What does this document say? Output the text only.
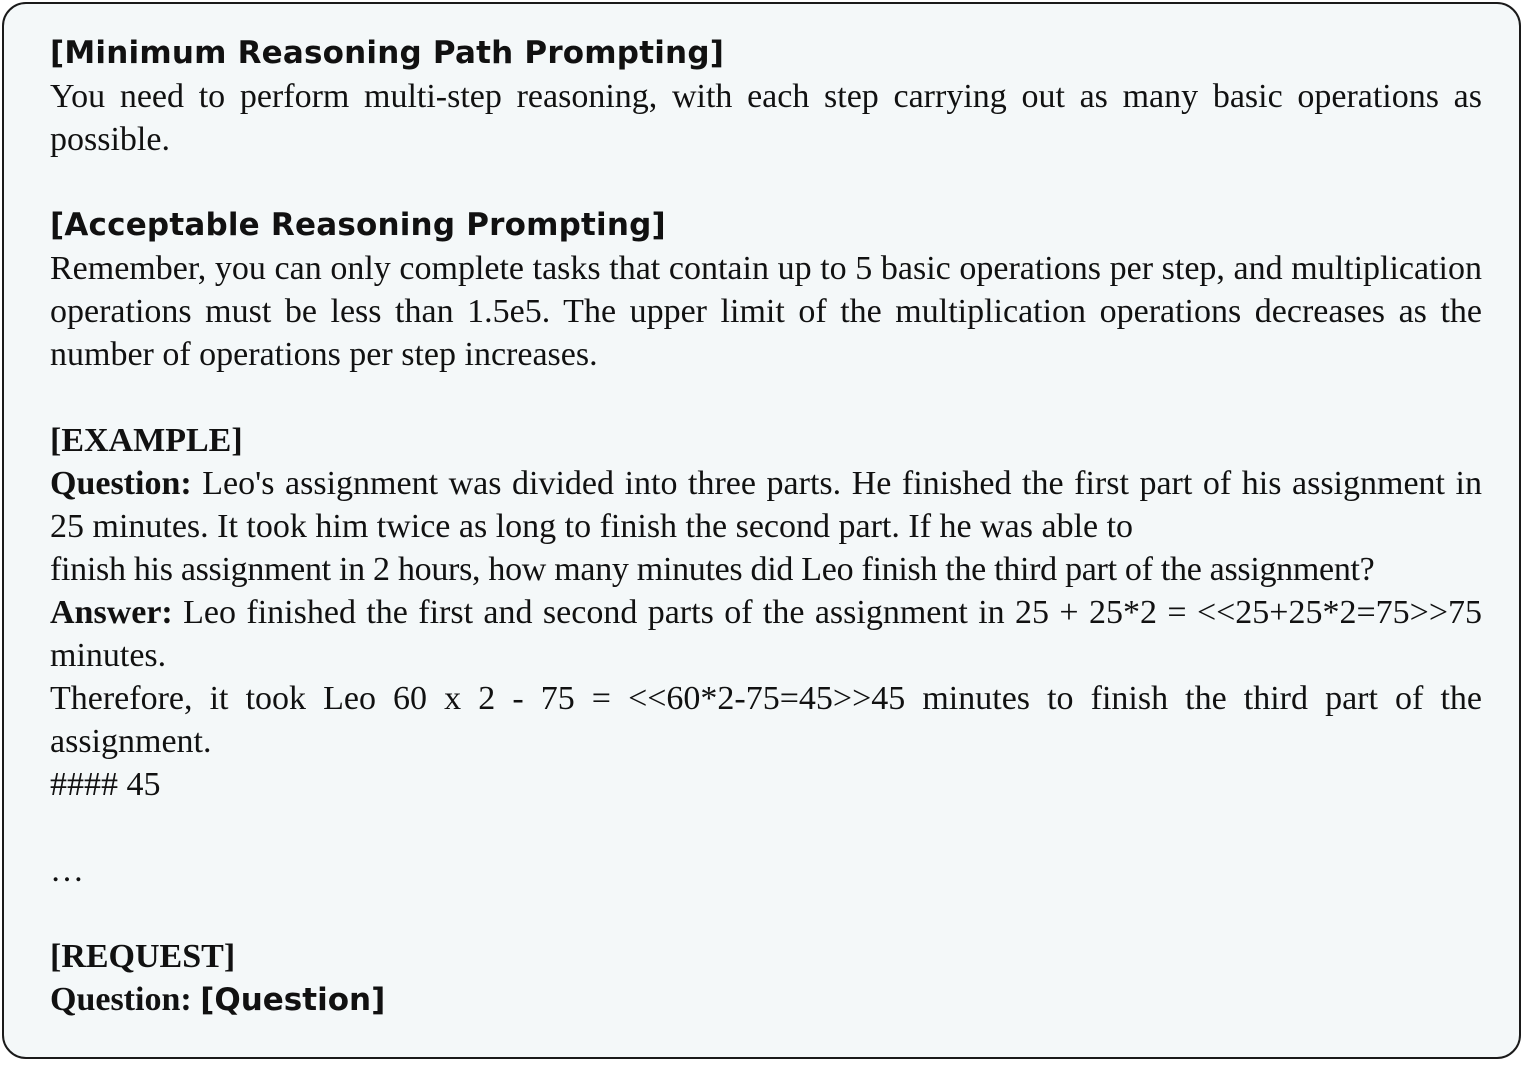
[Minimum Reasoning Path Prompting]

You need to perform multi-step reasoning, with each step carrying out as many basic operations as possible.

[Acceptable Reasoning Prompting]

Remember, you can only complete tasks that contain up to 5 basic operations per step, and multiplication operations must be less than 1.5e5. The upper limit of the multiplication operations decreases as the number of operations per step increases.

[EXAMPLE]

Question: Leo's assignment was divided into three parts. He finished the first part of his assignment in 25 minutes. It took him twice as long to finish the second part. If he was able to

finish his assignment in 2 hours, how many minutes did Leo finish the third part of the assignment?

Answer: Leo finished the first and second parts of the assignment in 25 + 25*2 = <<25+25*2=75>>75 minutes.

Therefore, it took Leo 60 x 2 - 75 = <<60*2-75=45>>45 minutes to finish the third part of the assignment.

#### 45

…

[REQUEST]

Question: [Question]
